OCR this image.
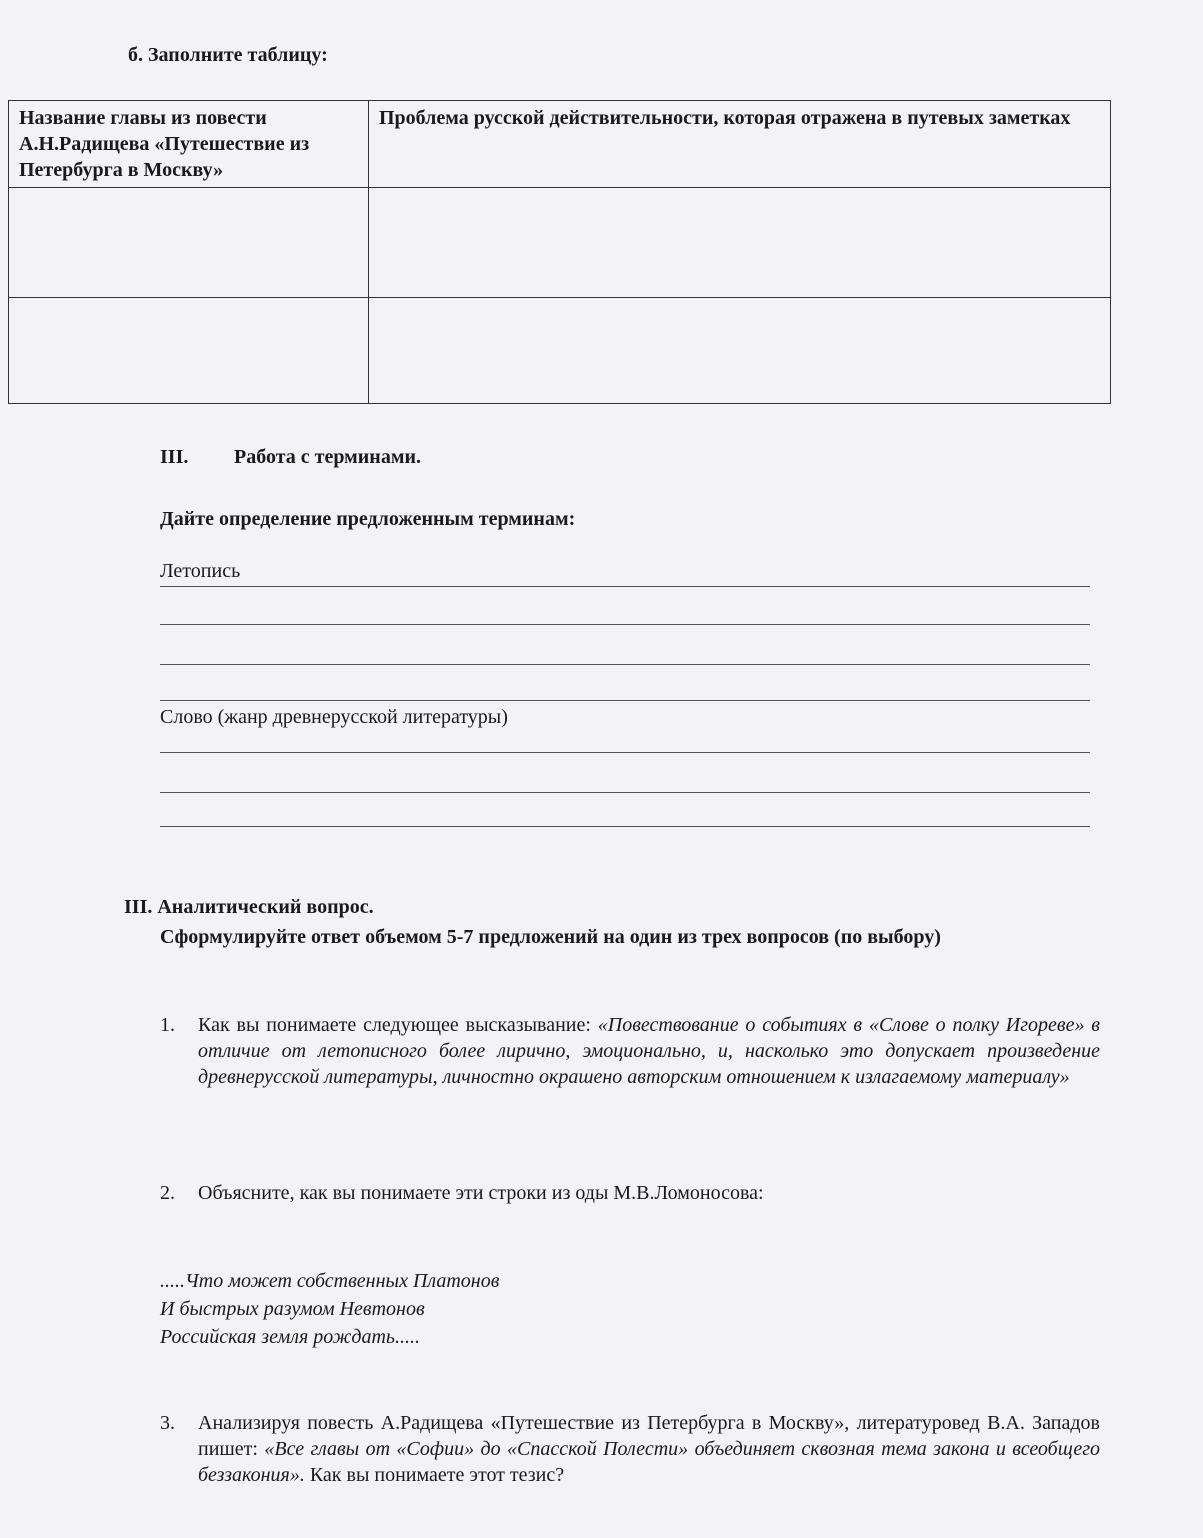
б. Заполните таблицу:
Название главы из повести А.Н.Радищева «Путешествие из Петербурга в Москву»	Проблема русской действительности, которая отражена в путевых заметках

III. Работа с терминами.
Дайте определение предложенным терминам:
Летопись
Слово (жанр древнерусской литературы)
III. Аналитический вопрос.
Сформулируйте ответ объемом 5-7 предложений на один из трех вопросов (по выбору)
1.	Как вы понимаете следующее высказывание: «Повествование о событиях в «Слове о полку Игореве» в отличие от летописного более лирично, эмоционально, и, насколько это допускает произведение древнерусской литературы, личностно окрашено авторским отношением к излагаемому материалу»
2.	Объясните, как вы понимаете эти строки из оды М.В.Ломоносова:
.....Что может собственных Платонов
И быстрых разумом Невтонов
Российская земля рождать.....
3.	Анализируя повесть А.Радищева «Путешествие из Петербурга в Москву», литературовед В.А. Западов пишет: «Все главы от «Софии» до «Спасской Полести» объединяет сквозная тема закона и всеобщего беззакония». Как вы понимаете этот тезис?
